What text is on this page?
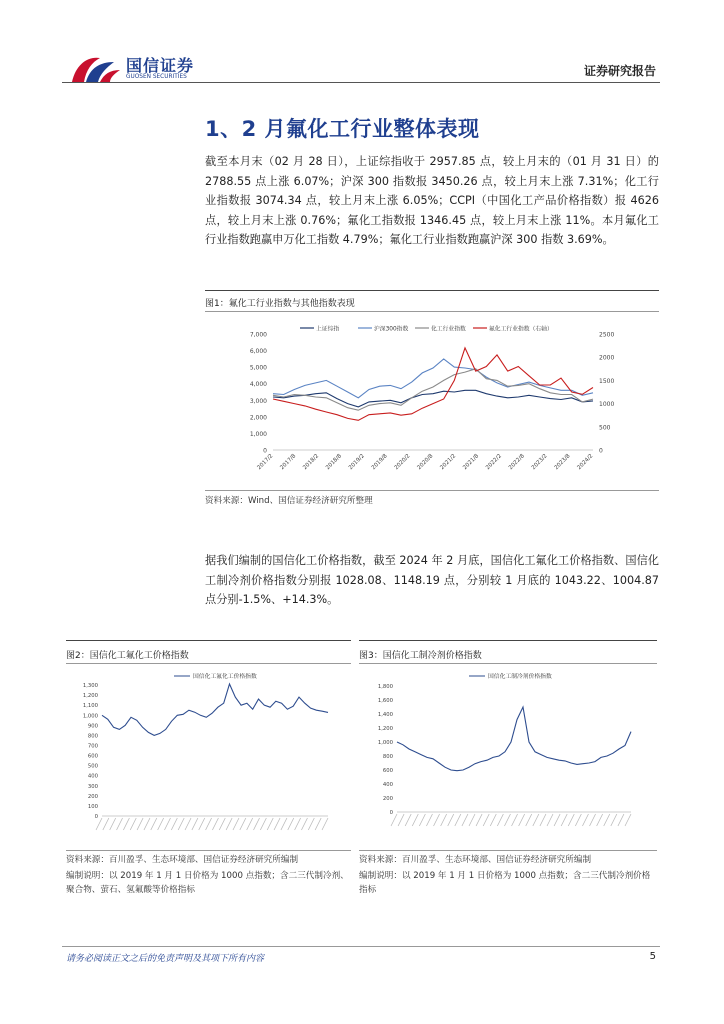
国信证券
GUOSEN SECURITIES	证券研究报告
1、2 月氟化工行业整体表现
截至本月末（02 月 28 日），上证综指收于 2957.85 点，较上月末的（01 月 31 日）的 2788.55 点上涨 6.07%；沪深 300 指数报 3450.26 点，较上月末上涨 7.31%；化工行业指数报 3074.34 点，较上月末上涨 6.05%；CCPI（中国化工产品价格指数）报 4626 点，较上月末上涨 0.76%；氟化工指数报 1346.45 点，较上月末上涨 11%。本月氟化工行业指数跑赢申万化工指数 4.79%；氟化工行业指数跑赢沪深 300 指数 3.69%。
图1：氟化工行业指数与其他指数表现
0
1,000
2,000
3,000
4,000
5,000
6,000
7,000
0
500
1000
1500
2000
2500
2017/2 2017/8 2018/2 2018/8 2019/2 2019/8 2020/2 2020/8 2021/2 2021/8 2022/2 2022/8 2023/2 2023/8 2024/2
上证综指	沪深300指数	化工行业指数	氟化工行业指数（右轴）
资料来源：Wind、国信证券经济研究所整理
据我们编制的国信化工价格指数，截至 2024 年 2 月底，国信化工氟化工价格指数、国信化工制冷剂价格指数分别报 1028.08、1148.19 点，分别较 1 月底的 1043.22、1004.87 点分别-1.5%、+14.3%。
图2：国信化工氟化工价格指数
0
100
200
300
400
500
600
700
800
900
1,000
1,100
1,200
1,300
国信化工氟化工价格指数
资料来源：百川盈孚、生态环境部、国信证券经济研究所编制
编制说明：以 2019 年 1 月 1 日价格为 1000 点指数；含二三代制冷剂、聚合物、萤石、氢氟酸等价格指标
图3：国信化工制冷剂价格指数
0
200
400
600
800
1,000
1,200
1,400
1,600
1,800
国信化工制冷剂价格指数
资料来源：百川盈孚、生态环境部、国信证券经济研究所编制
编制说明：以 2019 年 1 月 1 日价格为 1000 点指数；含二三代制冷剂价格指标
请务必阅读正文之后的免责声明及其项下所有内容	5
